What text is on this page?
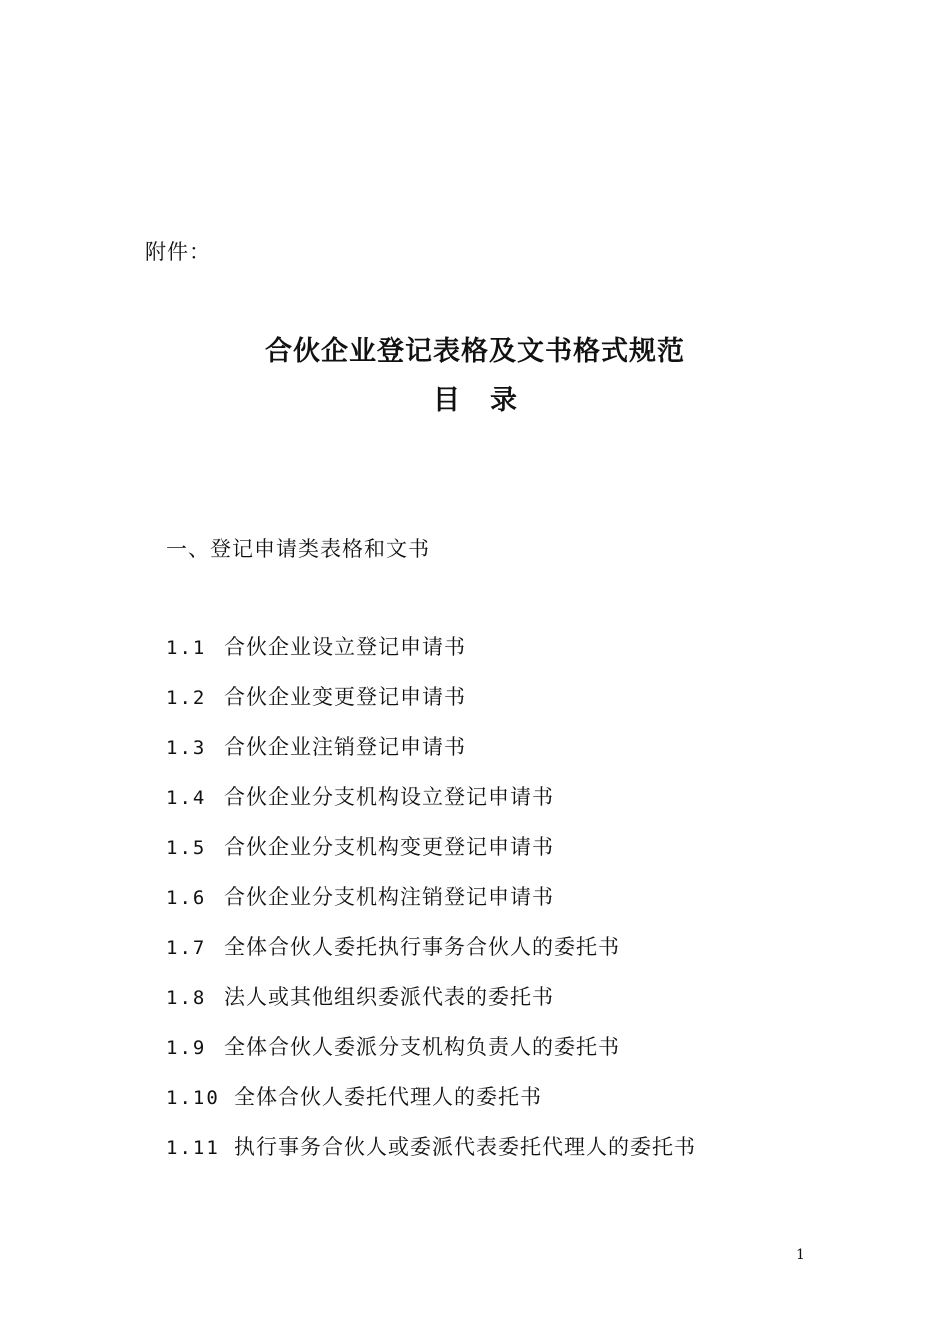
附件：
合伙企业登记表格及文书格式规范
目录
一、登记申请类表格和文书
1.1 合伙企业设立登记申请书
1.2 合伙企业变更登记申请书
1.3 合伙企业注销登记申请书
1.4 合伙企业分支机构设立登记申请书
1.5 合伙企业分支机构变更登记申请书
1.6 合伙企业分支机构注销登记申请书
1.7 全体合伙人委托执行事务合伙人的委托书
1.8 法人或其他组织委派代表的委托书
1.9 全体合伙人委派分支机构负责人的委托书
1.10 全体合伙人委托代理人的委托书
1.11 执行事务合伙人或委派代表委托代理人的委托书
1
